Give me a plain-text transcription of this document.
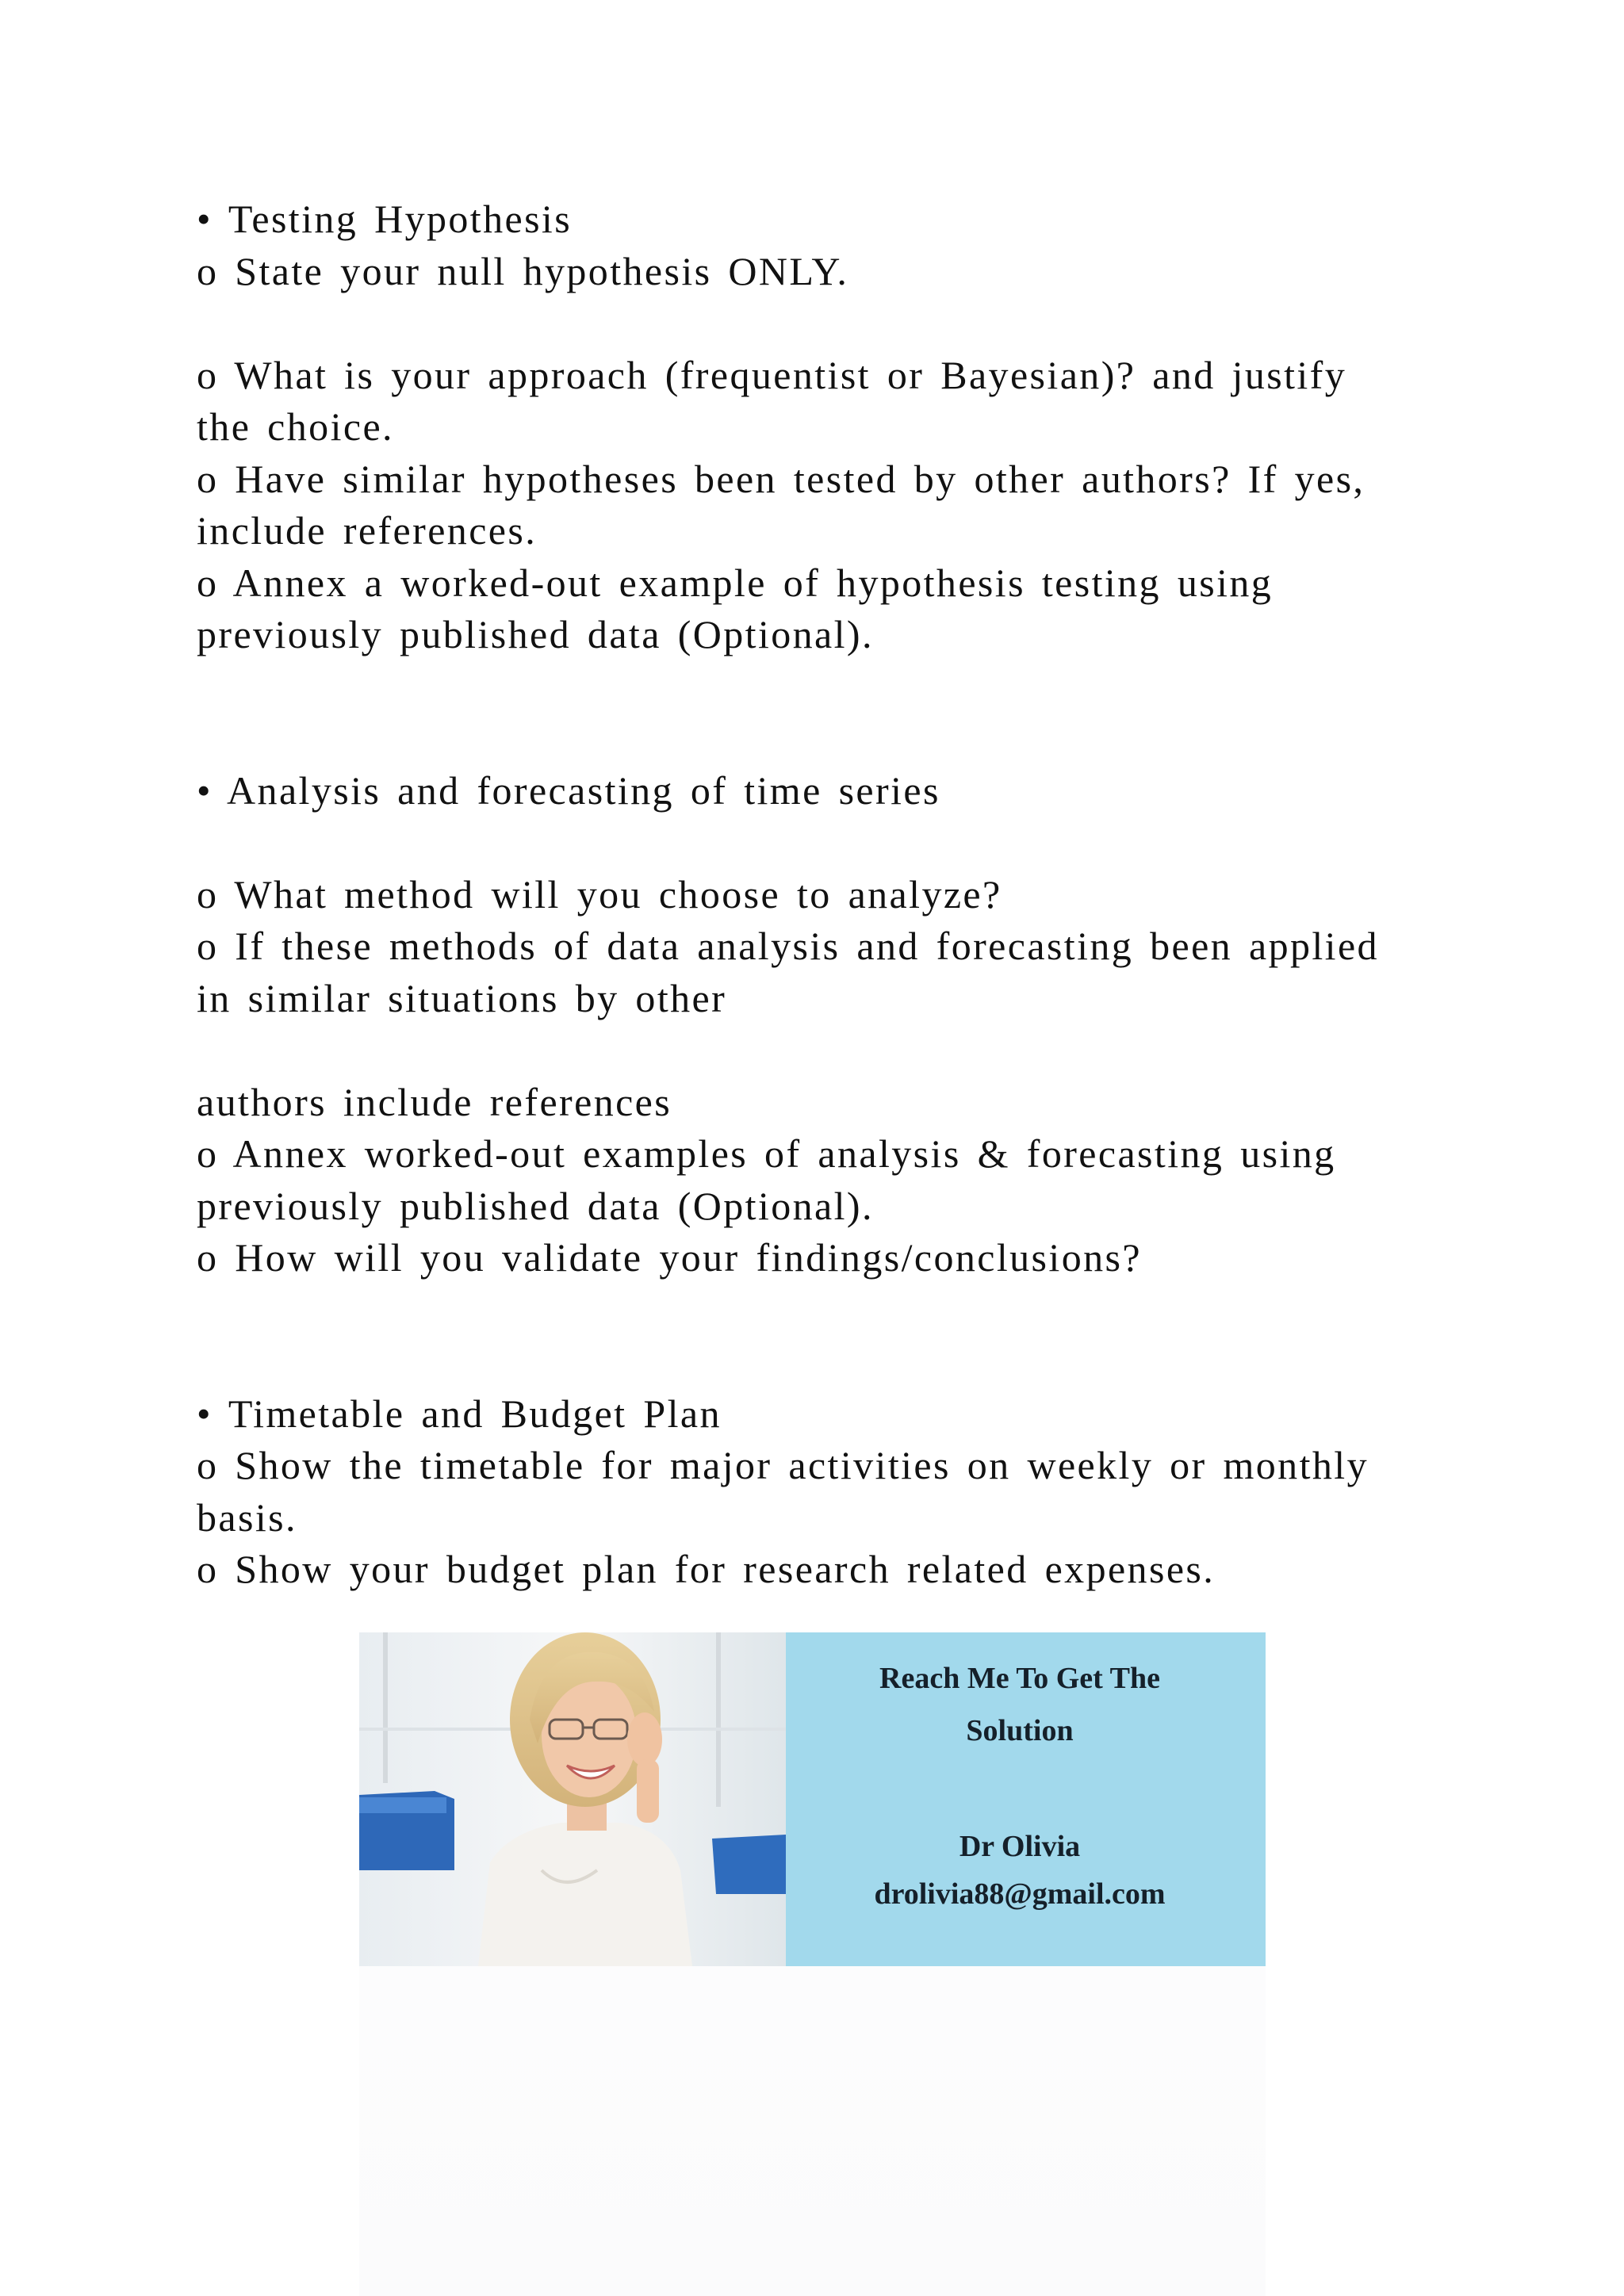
• Testing Hypothesis
o State your null hypothesis ONLY.
o What is your approach (frequentist or Bayesian)? and justify
the choice.
o Have similar hypotheses been tested by other authors? If yes,
include references.
o Annex a worked-out example of hypothesis testing using
previously published data (Optional).
• Analysis and forecasting of time series
o What method will you choose to analyze?
o If these methods of data analysis and forecasting been applied
in similar situations by other
authors include references
o Annex worked-out examples of analysis & forecasting using
previously published data (Optional).
o How will you validate your findings/conclusions?
• Timetable and Budget Plan
o Show the timetable for major activities on weekly or monthly
basis.
o Show your budget plan for research related expenses.
Reach Me To Get The
Solution
Dr Olivia
drolivia88@gmail.com
